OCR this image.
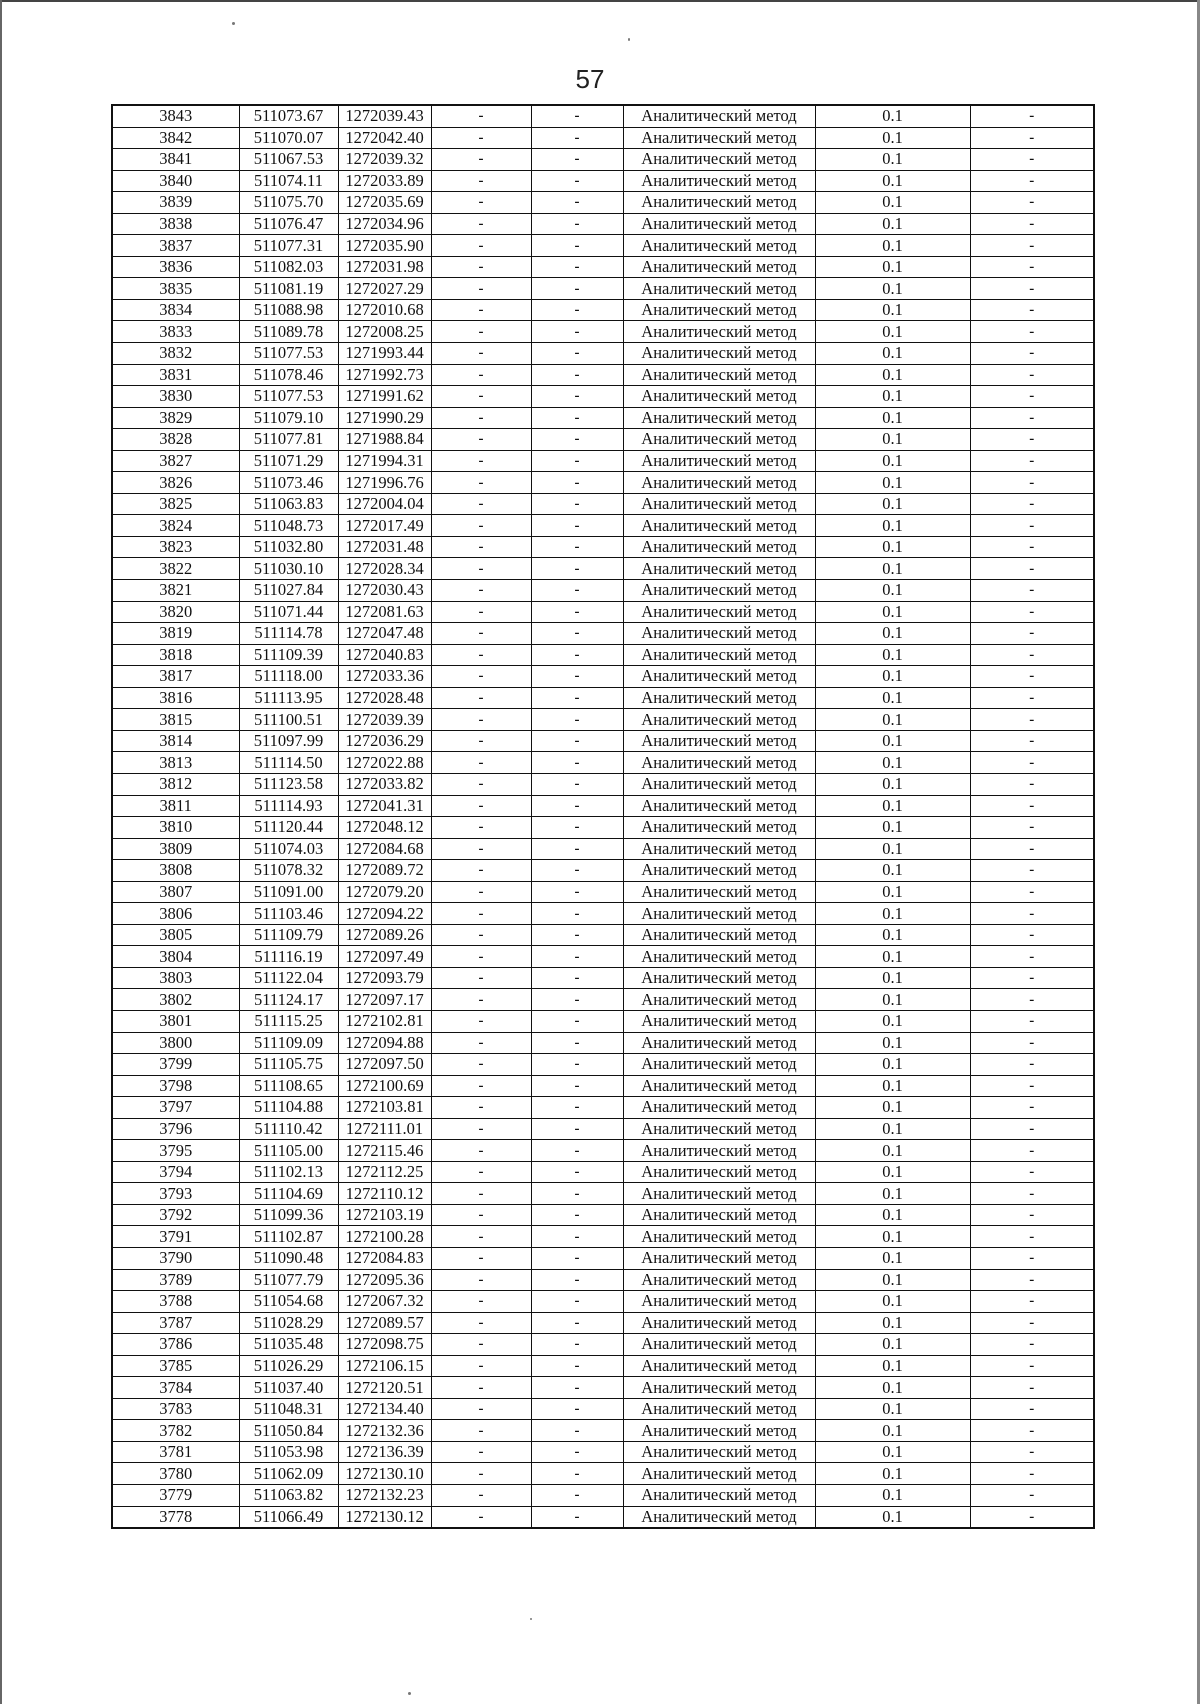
57
3843	511073.67	1272039.43	-	-	Аналитический метод	0.1	-
3842	511070.07	1272042.40	-	-	Аналитический метод	0.1	-
3841	511067.53	1272039.32	-	-	Аналитический метод	0.1	-
3840	511074.11	1272033.89	-	-	Аналитический метод	0.1	-
3839	511075.70	1272035.69	-	-	Аналитический метод	0.1	-
3838	511076.47	1272034.96	-	-	Аналитический метод	0.1	-
3837	511077.31	1272035.90	-	-	Аналитический метод	0.1	-
3836	511082.03	1272031.98	-	-	Аналитический метод	0.1	-
3835	511081.19	1272027.29	-	-	Аналитический метод	0.1	-
3834	511088.98	1272010.68	-	-	Аналитический метод	0.1	-
3833	511089.78	1272008.25	-	-	Аналитический метод	0.1	-
3832	511077.53	1271993.44	-	-	Аналитический метод	0.1	-
3831	511078.46	1271992.73	-	-	Аналитический метод	0.1	-
3830	511077.53	1271991.62	-	-	Аналитический метод	0.1	-
3829	511079.10	1271990.29	-	-	Аналитический метод	0.1	-
3828	511077.81	1271988.84	-	-	Аналитический метод	0.1	-
3827	511071.29	1271994.31	-	-	Аналитический метод	0.1	-
3826	511073.46	1271996.76	-	-	Аналитический метод	0.1	-
3825	511063.83	1272004.04	-	-	Аналитический метод	0.1	-
3824	511048.73	1272017.49	-	-	Аналитический метод	0.1	-
3823	511032.80	1272031.48	-	-	Аналитический метод	0.1	-
3822	511030.10	1272028.34	-	-	Аналитический метод	0.1	-
3821	511027.84	1272030.43	-	-	Аналитический метод	0.1	-
3820	511071.44	1272081.63	-	-	Аналитический метод	0.1	-
3819	511114.78	1272047.48	-	-	Аналитический метод	0.1	-
3818	511109.39	1272040.83	-	-	Аналитический метод	0.1	-
3817	511118.00	1272033.36	-	-	Аналитический метод	0.1	-
3816	511113.95	1272028.48	-	-	Аналитический метод	0.1	-
3815	511100.51	1272039.39	-	-	Аналитический метод	0.1	-
3814	511097.99	1272036.29	-	-	Аналитический метод	0.1	-
3813	511114.50	1272022.88	-	-	Аналитический метод	0.1	-
3812	511123.58	1272033.82	-	-	Аналитический метод	0.1	-
3811	511114.93	1272041.31	-	-	Аналитический метод	0.1	-
3810	511120.44	1272048.12	-	-	Аналитический метод	0.1	-
3809	511074.03	1272084.68	-	-	Аналитический метод	0.1	-
3808	511078.32	1272089.72	-	-	Аналитический метод	0.1	-
3807	511091.00	1272079.20	-	-	Аналитический метод	0.1	-
3806	511103.46	1272094.22	-	-	Аналитический метод	0.1	-
3805	511109.79	1272089.26	-	-	Аналитический метод	0.1	-
3804	511116.19	1272097.49	-	-	Аналитический метод	0.1	-
3803	511122.04	1272093.79	-	-	Аналитический метод	0.1	-
3802	511124.17	1272097.17	-	-	Аналитический метод	0.1	-
3801	511115.25	1272102.81	-	-	Аналитический метод	0.1	-
3800	511109.09	1272094.88	-	-	Аналитический метод	0.1	-
3799	511105.75	1272097.50	-	-	Аналитический метод	0.1	-
3798	511108.65	1272100.69	-	-	Аналитический метод	0.1	-
3797	511104.88	1272103.81	-	-	Аналитический метод	0.1	-
3796	511110.42	1272111.01	-	-	Аналитический метод	0.1	-
3795	511105.00	1272115.46	-	-	Аналитический метод	0.1	-
3794	511102.13	1272112.25	-	-	Аналитический метод	0.1	-
3793	511104.69	1272110.12	-	-	Аналитический метод	0.1	-
3792	511099.36	1272103.19	-	-	Аналитический метод	0.1	-
3791	511102.87	1272100.28	-	-	Аналитический метод	0.1	-
3790	511090.48	1272084.83	-	-	Аналитический метод	0.1	-
3789	511077.79	1272095.36	-	-	Аналитический метод	0.1	-
3788	511054.68	1272067.32	-	-	Аналитический метод	0.1	-
3787	511028.29	1272089.57	-	-	Аналитический метод	0.1	-
3786	511035.48	1272098.75	-	-	Аналитический метод	0.1	-
3785	511026.29	1272106.15	-	-	Аналитический метод	0.1	-
3784	511037.40	1272120.51	-	-	Аналитический метод	0.1	-
3783	511048.31	1272134.40	-	-	Аналитический метод	0.1	-
3782	511050.84	1272132.36	-	-	Аналитический метод	0.1	-
3781	511053.98	1272136.39	-	-	Аналитический метод	0.1	-
3780	511062.09	1272130.10	-	-	Аналитический метод	0.1	-
3779	511063.82	1272132.23	-	-	Аналитический метод	0.1	-
3778	511066.49	1272130.12	-	-	Аналитический метод	0.1	-
